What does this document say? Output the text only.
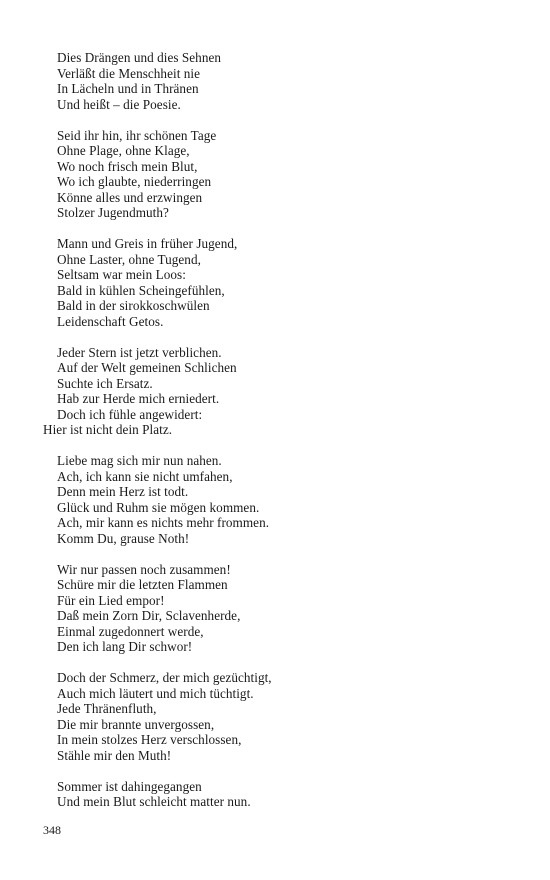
Dies Drängen und dies Sehnen
Verläßt die Menschheit nie
In Lächeln und in Thränen
Und heißt – die Poesie.
Seid ihr hin, ihr schönen Tage
Ohne Plage, ohne Klage,
Wo noch frisch mein Blut,
Wo ich glaubte, niederringen
Könne alles und erzwingen
Stolzer Jugendmuth?
Mann und Greis in früher Jugend,
Ohne Laster, ohne Tugend,
Seltsam war mein Loos:
Bald in kühlen Scheingefühlen,
Bald in der sirokkoschwülen
Leidenschaft Getos.
Jeder Stern ist jetzt verblichen.
Auf der Welt gemeinen Schlichen
Suchte ich Ersatz.
Hab zur Herde mich erniedert.
Doch ich fühle angewidert:
Hier ist nicht dein Platz.
Liebe mag sich mir nun nahen.
Ach, ich kann sie nicht umfahen,
Denn mein Herz ist todt.
Glück und Ruhm sie mögen kommen.
Ach, mir kann es nichts mehr frommen.
Komm Du, grause Noth!
Wir nur passen noch zusammen!
Schüre mir die letzten Flammen
Für ein Lied empor!
Daß mein Zorn Dir, Sclavenherde,
Einmal zugedonnert werde,
Den ich lang Dir schwor!
Doch der Schmerz, der mich gezüchtigt,
Auch mich läutert und mich tüchtigt.
Jede Thränenfluth,
Die mir brannte unvergossen,
In mein stolzes Herz verschlossen,
Stähle mir den Muth!
Sommer ist dahingegangen
Und mein Blut schleicht matter nun.
348
